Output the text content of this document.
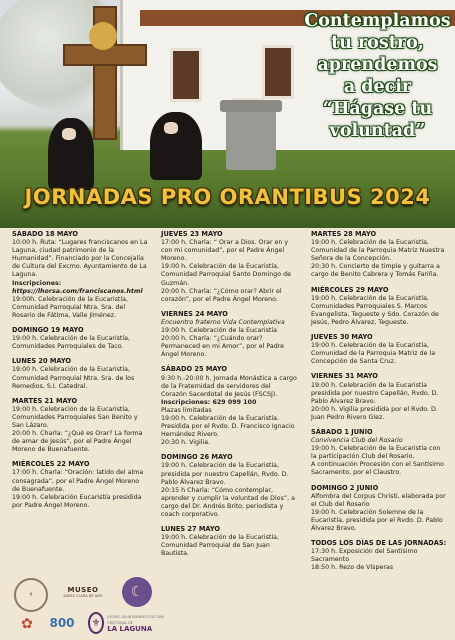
Contemplamos
tu rostro,
aprendemos
a decir
“Hágase tu
voluntad”
JORNADAS PRO ORANTIBUS 2024
SÁBADO 18 MAYO
10:00 h. Ruta: “Lugares franciscanos en La Laguna, ciudad patrimonio de la Humanidad”. Financiado por la Concejalía de Cultura del Excmo. Ayuntamiento de La Laguna.
Inscripciones:
https://lhorsa.com/franciscanos.html
19:00h. Celebración de la Eucaristía, Comunidad Parroquial Ntra. Sra. del Rosario de Fátima, Valle Jiménez.
DOMINGO 19 MAYO
19:00 h. Celebración de la Eucaristía, Comunidades Parroquiales de Taco.
LUNES 20 MAYO
19:00 h. Celebración de la Eucaristía, Comunidad Parroquial Ntra. Sra. de los Remedios, S.I. Catedral.
MARTES 21 MAYO
19:00 h. Celebración de la Eucaristía, Comunidades Parroquiales San Benito y San Lázaro.
20:00 h. Charla: “¿Qué es Orar? La forma de amar de Jesús”, por el Padre Ángel Moreno de Buenafuente.
MIÉRCOLES 22 MAYO
17:00 h. Charla: “Oración: latido del alma consagrada”, por el Padre Ángel Moreno de Buenafuente.
19:00 h. Celebración Eucaristía presidida por Padre Ángel Moreno.
JUEVES 23 MAYO
17:00 h. Charla: “ Orar a Dios. Orar en y con mi comunidad”, por el Padre Ángel Moreno.
19:00 h. Celebración de la Eucaristía, Comunidad Parroquial Santo Domingo de Guzmán.
20:00 h. Charla: “¿Cómo orar? Abrir el corazón”, por el Padre Ángel Moreno.
VIERNES 24 MAYO
Encuentro fraterno Vida Contemplativa
19:00 h. Celebración de la Eucaristía
20:00 h. Charla: “¿Cuándo orar? Permaneced en mi Amor”, por el Padre Ángel Moreno.
SÁBADO 25 MAYO
9:30 h.-20:00 h. Jornada Monástica a cargo de la Fraternidad de servidores del Corazón Sacerdotal de Jesús (FSCSJ).
Inscripciones: 629 099 100
Plazas limitadas
19:00 h. Celebración de la Eucaristía. Presidida por el Rvdo. D. Francisco Ignacio Hernández Rivero.
20:30 h. Vigilia.
DOMINGO 26 MAYO
19:00 h. Celebración de la Eucaristía, presidida por nuestro Capellán, Rvdo. D. Pablo Álvarez Bravo.
20:15 h Charla: “Cómo contemplar, aprender y cumplir la voluntad de Dios”, a cargo del Dr. Andrés Brito, periodista y coach corporativo.
LUNES 27 MAYO
19:00 h. Celebración de la Eucaristía, Comunidad Parroquial de San Juan Bautista.
MARTES 28 MAYO
19:00 h. Celebración de la Eucaristía, Comunidad de la Parroquia Matriz Nuestra Señora de la Concepción.
20:30 h. Concierto de timple y guitarra a cargo de Benito Cabrera y Tomás Fariña.
MIÉRCOLES 29 MAYO
19:00 h. Celebración de la Eucaristía, Comunidades Parroquiales S. Marcos Evangelista, Tegueste y Sdo. Corazón de Jesús, Pedro Álvarez, Tegueste.
JUEVES 30 MAYO
19:00 h. Celebración de la Eucaristía, Comunidad de la Parroquia Matriz de la Concepción de Santa Cruz.
VIERNES 31 MAYO
19:00 h. Celebración de la Eucaristía presidida por nuestro Capellán, Rvdo. D. Pablo Álvarez Bravo.
20:00 h. Vigilia presidida por el Rvdo. D. Juan Pedro Rivero Glez.
SÁBADO 1 JUNIO
Convivencia Club del Rosario
19:00 h. Celebración de la Eucaristía con la participación Club del Rosario.
A continuación Procesión con el Santísimo Sacramento, por el Claustro.
DOMINGO 2 JUNIO
Alfombra del Corpus Christi, elaborada por el Club del Rosario
19:00 h. Celebración Solemne de la Eucaristía, presidida por el Rvdo. D. Pablo Álvarez Bravo.
TODOS LOS DÍAS DE LAS JORNADAS:
17:30 h. Exposición del Santísimo Sacramento
18:50 h. Rezo de Vísperas
✝
MUSEO
SANTA CLARA DE ASÍS	☾
✿	800	⚜
EXCMO. AYUNTAMIENTO DE SAN CRISTÓBAL DE
LA LAGUNA
